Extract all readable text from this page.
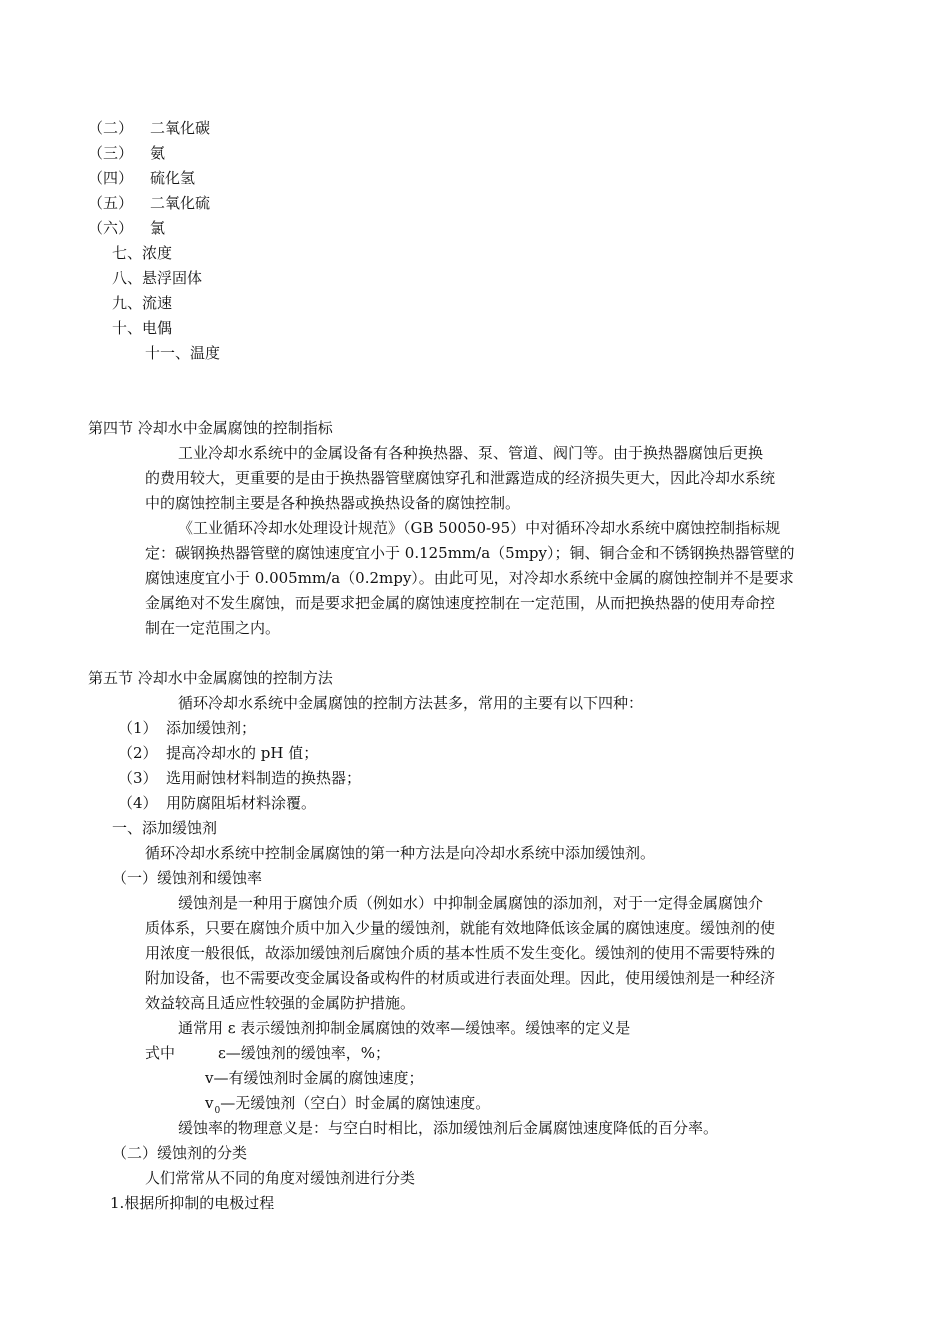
（二） 二氧化碳
（三） 氨
（四） 硫化氢
（五） 二氧化硫
（六） 氯
七、浓度
八、悬浮固体
九、流速
十、电偶
十一、温度
第四节 冷却水中金属腐蚀的控制指标
工业冷却水系统中的金属设备有各种换热器、泵、管道、阀门等。由于换热器腐蚀后更换
的费用较大，更重要的是由于换热器管壁腐蚀穿孔和泄露造成的经济损失更大，因此冷却水系统
中的腐蚀控制主要是各种换热器或换热设备的腐蚀控制。
《工业循环冷却水处理设计规范》（GB 50050-95）中对循环冷却水系统中腐蚀控制指标规
定：碳钢换热器管壁的腐蚀速度宜小于 0.125mm/a（5mpy）；铜、铜合金和不锈钢换热器管壁的
腐蚀速度宜小于 0.005mm/a（0.2mpy）。由此可见，对冷却水系统中金属的腐蚀控制并不是要求
金属绝对不发生腐蚀，而是要求把金属的腐蚀速度控制在一定范围，从而把换热器的使用寿命控
制在一定范围之内。
第五节 冷却水中金属腐蚀的控制方法
循环冷却水系统中金属腐蚀的控制方法甚多，常用的主要有以下四种：
（1） 添加缓蚀剂；
（2） 提高冷却水的 pH 值；
（3） 选用耐蚀材料制造的换热器；
（4） 用防腐阻垢材料涂覆。
一、添加缓蚀剂
循环冷却水系统中控制金属腐蚀的第一种方法是向冷却水系统中添加缓蚀剂。
（一）缓蚀剂和缓蚀率
缓蚀剂是一种用于腐蚀介质（例如水）中抑制金属腐蚀的添加剂，对于一定得金属腐蚀介
质体系，只要在腐蚀介质中加入少量的缓蚀剂，就能有效地降低该金属的腐蚀速度。缓蚀剂的使
用浓度一般很低，故添加缓蚀剂后腐蚀介质的基本性质不发生变化。缓蚀剂的使用不需要特殊的
附加设备，也不需要改变金属设备或构件的材质或进行表面处理。因此，使用缓蚀剂是一种经济
效益较高且适应性较强的金属防护措施。
通常用 ε 表示缓蚀剂抑制金属腐蚀的效率—缓蚀率。缓蚀率的定义是
式中	ε—缓蚀剂的缓蚀率，%；
v—有缓蚀剂时金属的腐蚀速度；
$v_0—$无缓蚀剂（空白）时金属的腐蚀速度。
缓蚀率的物理意义是：与空白时相比，添加缓蚀剂后金属腐蚀速度降低的百分率。
（二）缓蚀剂的分类
人们常常从不同的角度对缓蚀剂进行分类
1.根据所抑制的电极过程
